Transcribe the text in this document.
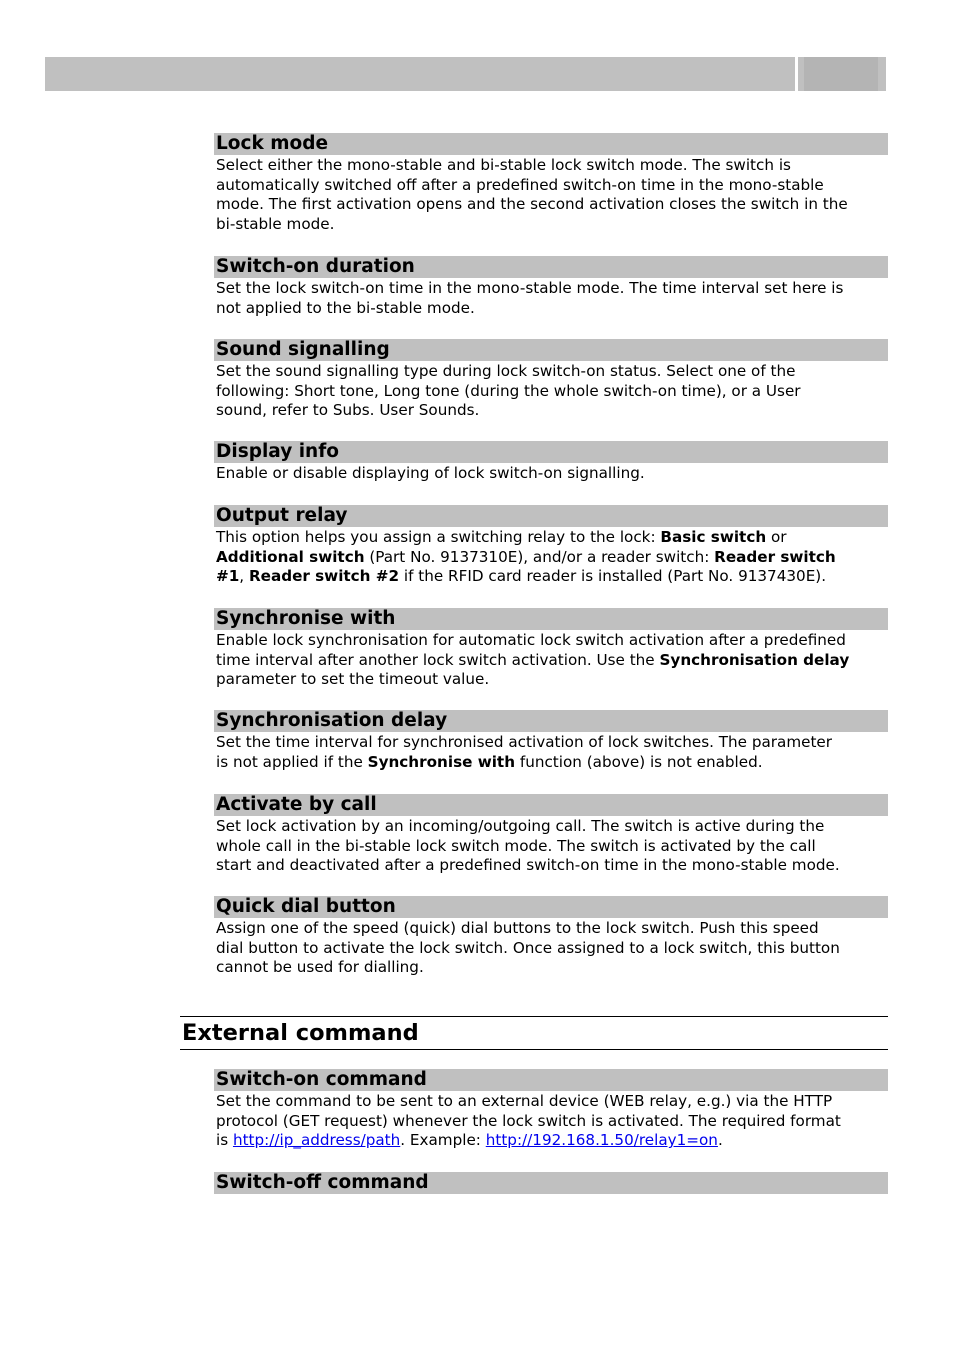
Lock mode
Select either the mono-stable and bi-stable lock switch mode. The switch is
automatically switched off after a predefined switch-on time in the mono-stable
mode. The first activation opens and the second activation closes the switch in the
bi-stable mode.
Switch-on duration
Set the lock switch-on time in the mono-stable mode. The time interval set here is
not applied to the bi-stable mode.
Sound signalling
Set the sound signalling type during lock switch-on status. Select one of the
following: Short tone, Long tone (during the whole switch-on time), or a User
sound, refer to Subs. User Sounds.
Display info
Enable or disable displaying of lock switch-on signalling.
Output relay
This option helps you assign a switching relay to the lock: Basic switch or
Additional switch (Part No. 9137310E), and/or a reader switch: Reader switch
#1, Reader switch #2 if the RFID card reader is installed (Part No. 9137430E).
Synchronise with
Enable lock synchronisation for automatic lock switch activation after a predefined
time interval after another lock switch activation. Use the Synchronisation delay
parameter to set the timeout value.
Synchronisation delay
Set the time interval for synchronised activation of lock switches. The parameter
is not applied if the Synchronise with function (above) is not enabled.
Activate by call
Set lock activation by an incoming/outgoing call. The switch is active during the
whole call in the bi-stable lock switch mode. The switch is activated by the call
start and deactivated after a predefined switch-on time in the mono-stable mode.
Quick dial button
Assign one of the speed (quick) dial buttons to the lock switch. Push this speed
dial button to activate the lock switch. Once assigned to a lock switch, this button
cannot be used for dialling.
External command
Switch-on command
Set the command to be sent to an external device (WEB relay, e.g.) via the HTTP
protocol (GET request) whenever the lock switch is activated. The required format
is http://ip_address/path. Example: http://192.168.1.50/relay1=on.
Switch-off command
